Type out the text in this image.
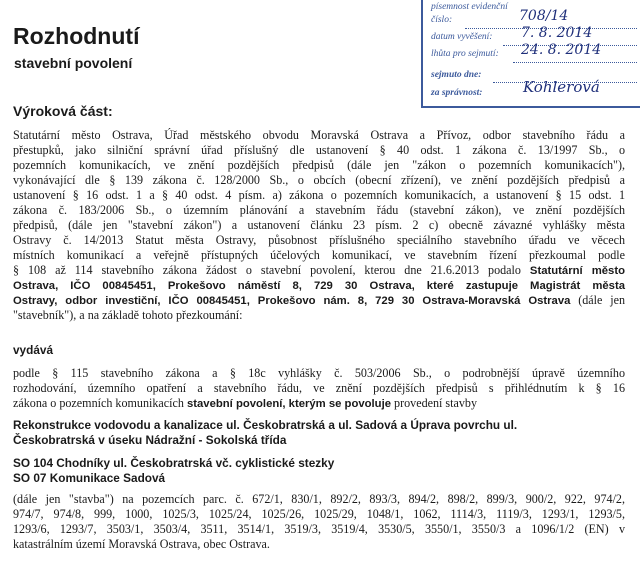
Rozhodnutí
stavební povolení
písemnost evidenční
číslo:	708/14
datum vyvěšení: 7. 8. 2014
lhůta pro sejmutí: 24. 8. 2014
sejmuto dne:
za správnost:	Kohlerová
Výroková část:
Statutární město Ostrava, Úřad městského obvodu Moravská Ostrava a Přívoz, odbor stavebního řádu a
přestupků, jako silniční správní úřad příslušný dle ustanovení § 40 odst. 1 zákona č. 13/1997 Sb., o
pozemních komunikacích, ve znění pozdějších předpisů (dále jen "zákon o pozemních komunikacích"),
vykonávající dle § 139 zákona č. 128/2000 Sb., o obcích (obecní zřízení), ve znění pozdějších předpisů a
ustanovení § 16 odst. 1 a § 40 odst. 4 písm. a) zákona o pozemních komunikacích, a ustanovení § 15 odst. 1
zákona č. 183/2006 Sb., o územním plánování a stavebním řádu (stavební zákon), ve znění pozdějších
předpisů, (dále jen "stavební zákon") a ustanovení článku 23 písm. 2 c) obecně závazné vyhlášky města
Ostravy č. 14/2013 Statut města Ostravy, působnost příslušného speciálního stavebního úřadu ve věcech
místních komunikací a veřejně přístupných účelových komunikací, ve stavebním řízení přezkoumal podle
§ 108 až 114 stavebního zákona žádost o stavební povolení, kterou dne 21.6.2013 podalo Statutární město
Ostrava, IČO 00845451, Prokešovo náměstí 8, 729 30 Ostrava, které zastupuje Magistrát města
Ostravy, odbor investiční, IČO 00845451, Prokešovo nám. 8, 729 30 Ostrava-Moravská Ostrava (dále jen
"stavebník"), a na základě tohoto přezkoumání:
vydává
podle § 115 stavebního zákona a § 18c vyhlášky č. 503/2006 Sb., o podrobnější úpravě územního
rozhodování, územního opatření a stavebního řádu, ve znění pozdějších předpisů s přihlédnutím k § 16
zákona o pozemních komunikacích stavební povolení, kterým se povoluje provedení stavby
Rekonstrukce vodovodu a kanalizace ul. Českobratrská a ul. Sadová a Úprava povrchu ul.
Českobratrská v úseku Nádražní - Sokolská třída
SO 104 Chodníky ul. Českobratrská vč. cyklistické stezky
SO 07 Komunikace Sadová
(dále jen "stavba") na pozemcích parc. č. 672/1, 830/1, 892/2, 893/3, 894/2, 898/2, 899/3, 900/2, 922, 974/2,
974/7, 974/8, 999, 1000, 1025/3, 1025/24, 1025/26, 1025/29, 1048/1, 1062, 1114/3, 1119/3, 1293/1, 1293/5,
1293/6, 1293/7, 3503/1, 3503/4, 3511, 3514/1, 3519/3, 3519/4, 3530/5, 3550/1, 3550/3 a 1096/1/2 (EN) v
katastrálním území Moravská Ostrava, obec Ostrava.
